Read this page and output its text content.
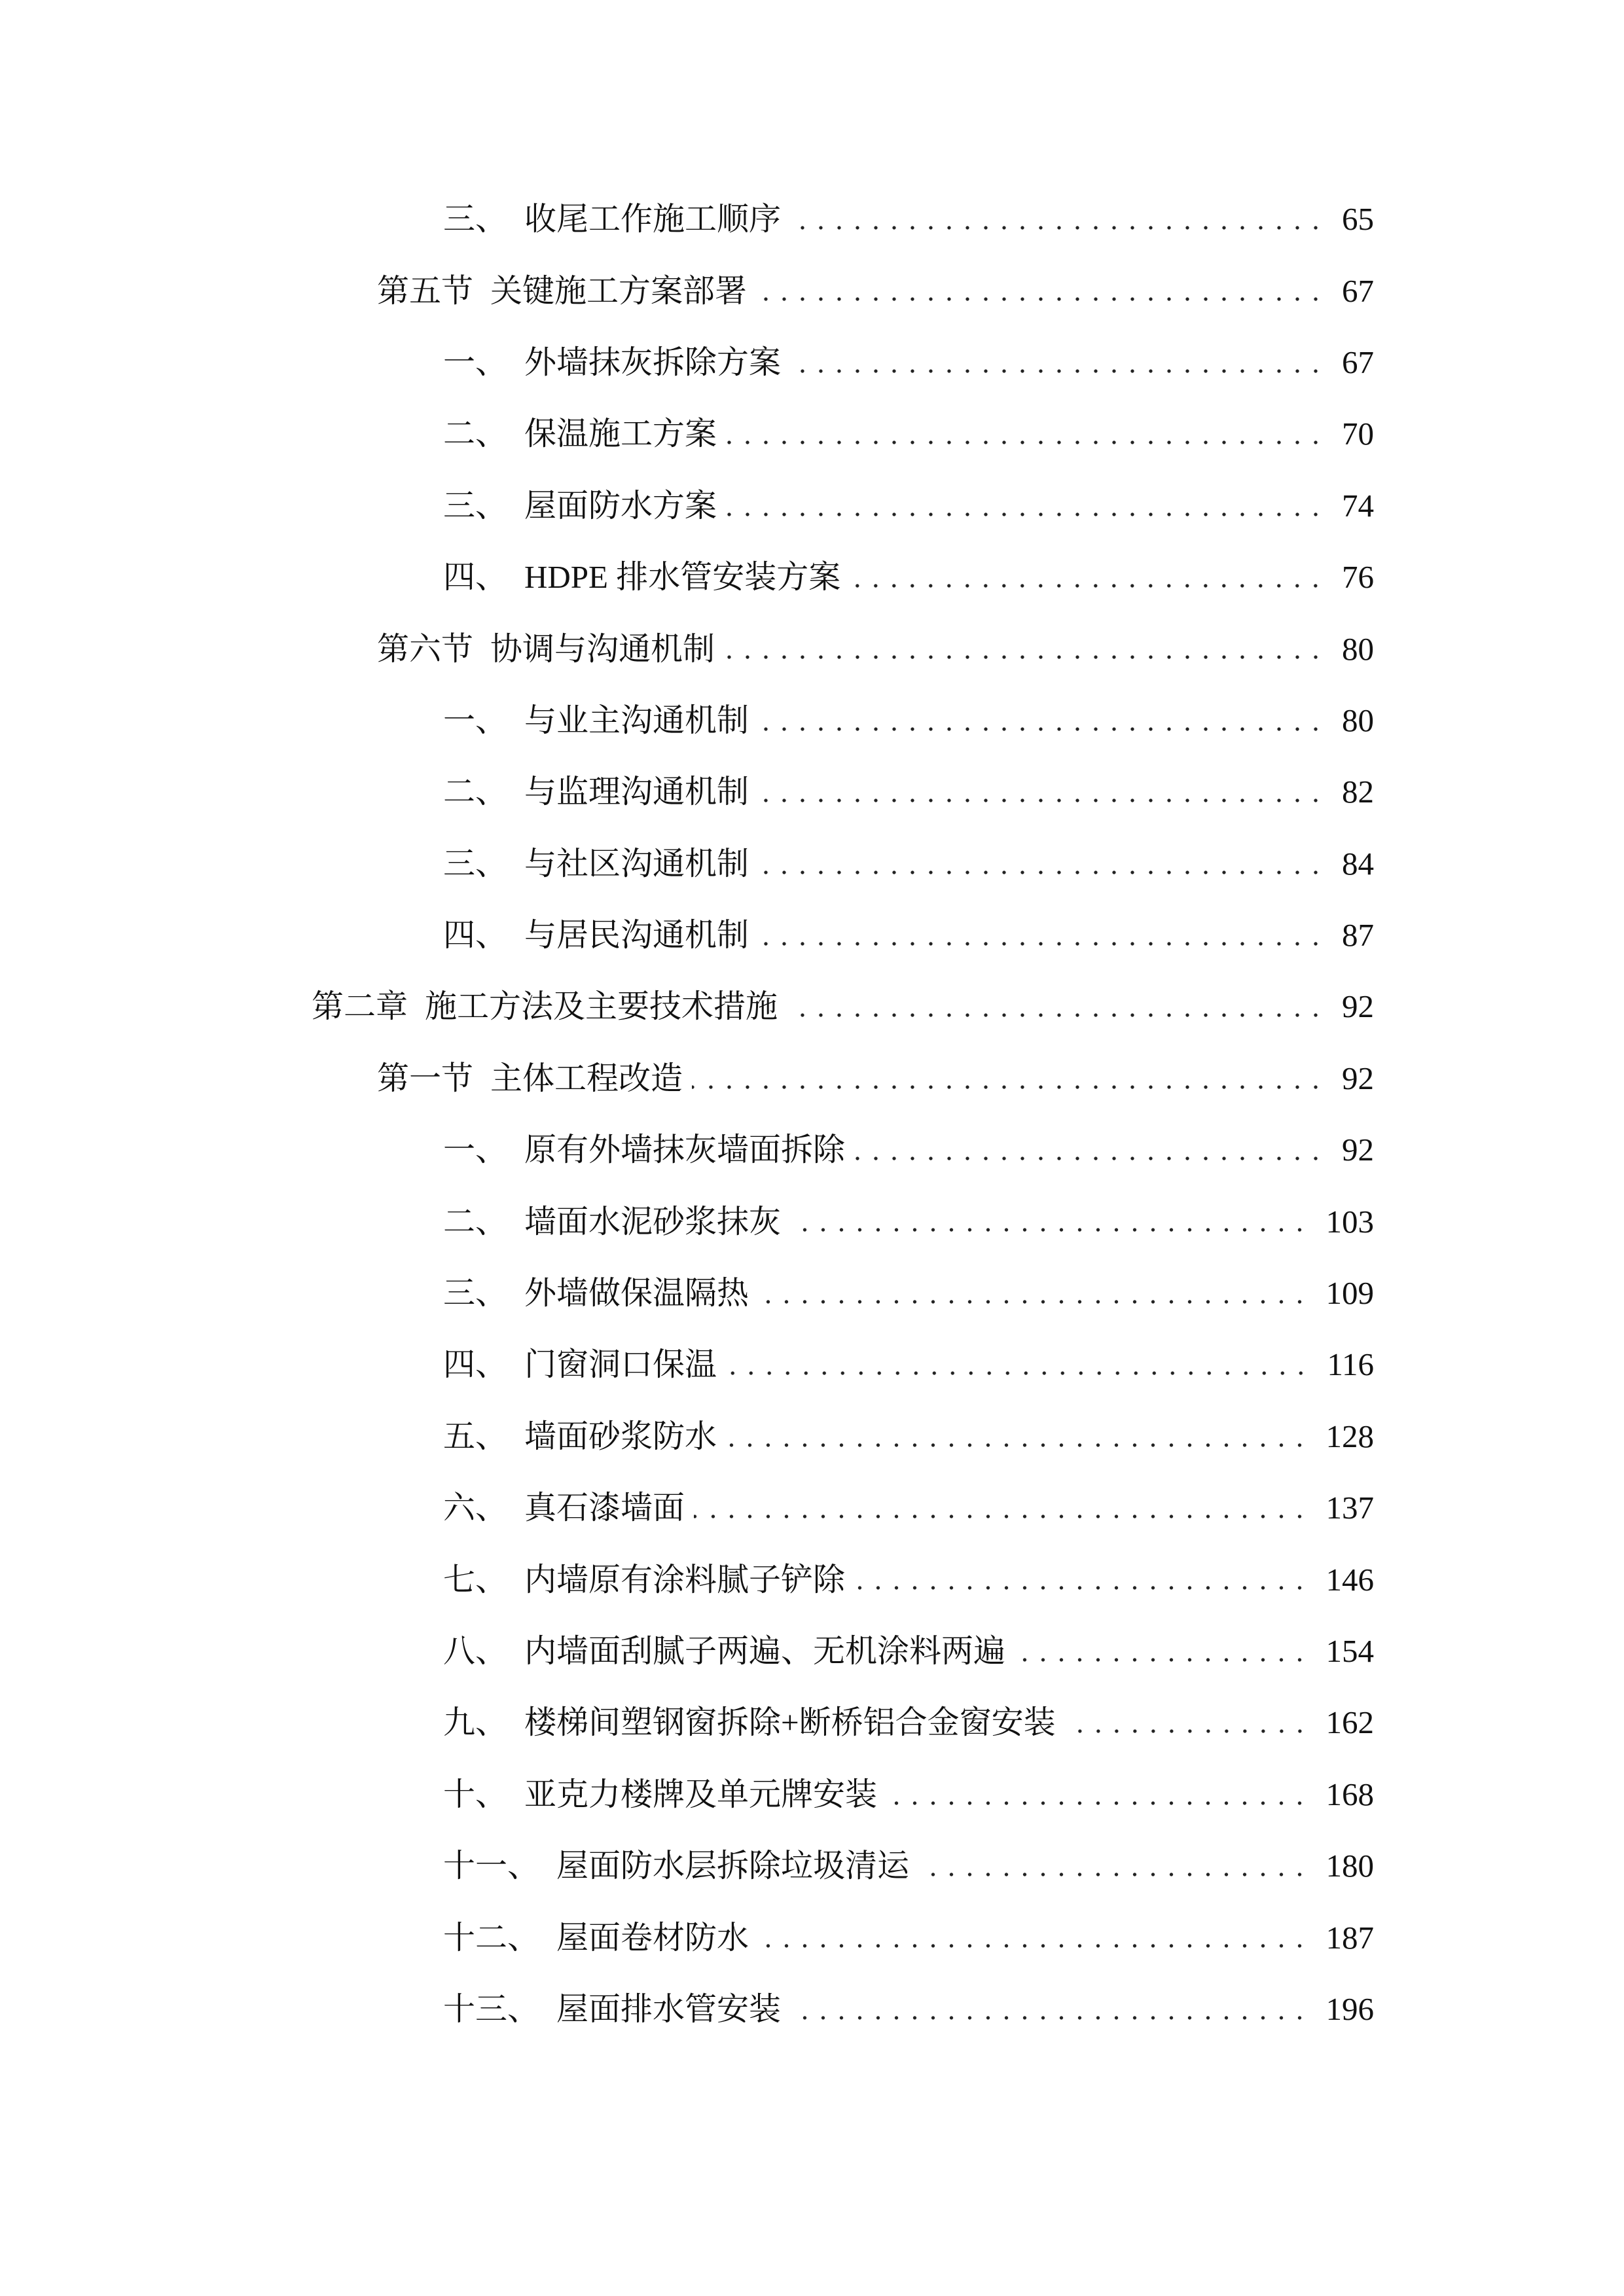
三、 收尾工作施工顺序	65
第五节 关键施工方案部署	67
一、 外墙抹灰拆除方案	67
二、 保温施工方案	70
三、 屋面防水方案	74
四、 HDPE 排水管安装方案	76
第六节 协调与沟通机制	80
一、 与业主沟通机制	80
二、 与监理沟通机制	82
三、 与社区沟通机制	84
四、 与居民沟通机制	87
第二章 施工方法及主要技术措施	92
第一节 主体工程改造	92
一、 原有外墙抹灰墙面拆除	92
二、 墙面水泥砂浆抹灰	103
三、 外墙做保温隔热	109
四、 门窗洞口保温	116
五、 墙面砂浆防水	128
六、 真石漆墙面	137
七、 内墙原有涂料腻子铲除	146
八、 内墙面刮腻子两遍、无机涂料两遍	154
九、 楼梯间塑钢窗拆除+断桥铝合金窗安装	162
十、 亚克力楼牌及单元牌安装	168
十一、 屋面防水层拆除垃圾清运	180
十二、 屋面卷材防水	187
十三、 屋面排水管安装	196
